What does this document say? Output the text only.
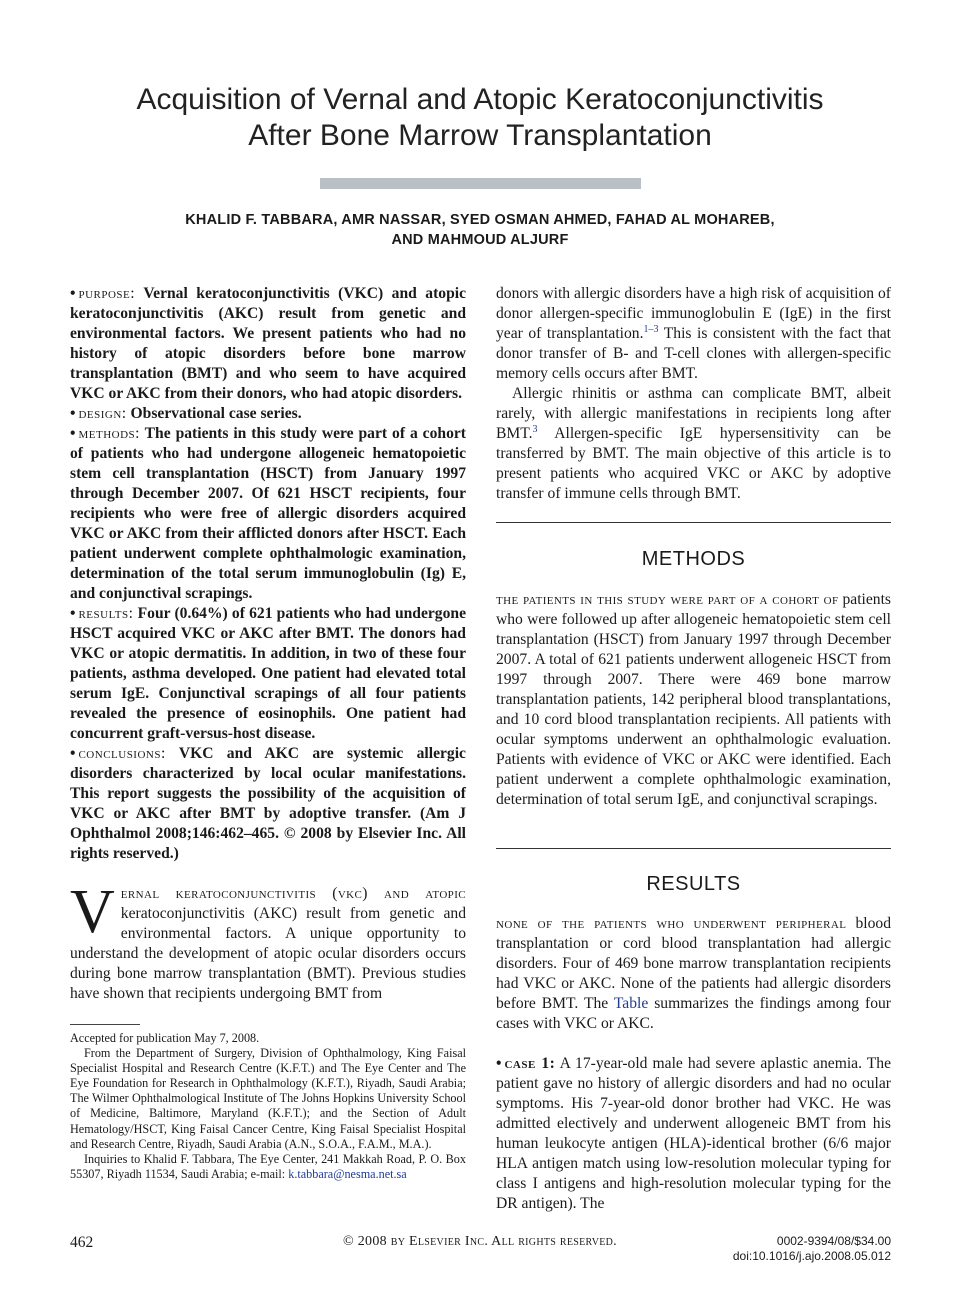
Acquisition of Vernal and Atopic Keratoconjunctivitis
After Bone Marrow Transplantation
KHALID F. TABBARA, AMR NASSAR, SYED OSMAN AHMED, FAHAD AL MOHAREB,
AND MAHMOUD ALJURF

• purpose: Vernal keratoconjunctivitis (VKC) and atopic keratoconjunctivitis (AKC) result from genetic and environmental factors. We present patients who had no history of atopic disorders before bone marrow transplantation (BMT) and who seem to have acquired VKC or AKC from their donors, who had atopic disorders.

• design: Observational case series.

• methods: The patients in this study were part of a cohort of patients who had undergone allogeneic hematopoietic stem cell transplantation (HSCT) from January 1997 through December 2007. Of 621 HSCT recipients, four recipients who were free of allergic disorders acquired VKC or AKC from their afflicted donors after HSCT. Each patient underwent complete ophthalmologic examination, determination of the total serum immunoglobulin (Ig) E, and conjunctival scrapings.

• results: Four (0.64%) of 621 patients who had undergone HSCT acquired VKC or AKC after BMT. The donors had VKC or atopic dermatitis. In addition, in two of these four patients, asthma developed. One patient had elevated total serum IgE. Conjunctival scrapings of all four patients revealed the presence of eosinophils. One patient had concurrent graft-versus-host disease.

• conclusions: VKC and AKC are systemic allergic disorders characterized by local ocular manifestations. This report suggests the possibility of the acquisition of VKC or AKC after BMT by adoptive transfer. (Am J Ophthalmol 2008;146:462–465. © 2008 by Elsevier Inc. All rights reserved.)

Vernal keratoconjunctivitis (vkc) and atopic keratoconjunctivitis (AKC) result from genetic and environmental factors. A unique opportunity to understand the development of atopic ocular disorders occurs during bone marrow transplantation (BMT). Previous studies have shown that recipients undergoing BMT from

Accepted for publication May 7, 2008.

From the Department of Surgery, Division of Ophthalmology, King Faisal Specialist Hospital and Research Centre (K.F.T.) and The Eye Center and The Eye Foundation for Research in Ophthalmology (K.F.T.), Riyadh, Saudi Arabia; The Wilmer Ophthalmological Institute of The Johns Hopkins University School of Medicine, Baltimore, Maryland (K.F.T.); and the Section of Adult Hematology/HSCT, King Faisal Cancer Centre, King Faisal Specialist Hospital and Research Centre, Riyadh, Saudi Arabia (A.N., S.O.A., F.A.M., M.A.).

Inquiries to Khalid F. Tabbara, The Eye Center, 241 Makkah Road, P. O. Box 55307, Riyadh 11534, Saudi Arabia; e-mail: k.tabbara@nesma.net.sa

donors with allergic disorders have a high risk of acquisition of donor allergen-specific immunoglobulin E (IgE) in the first year of transplantation.$^{1-3}$ This is consistent with the fact that donor transfer of B- and T-cell clones with allergen-specific memory cells occurs after BMT.

Allergic rhinitis or asthma can complicate BMT, albeit rarely, with allergic manifestations in recipients long after BMT.$^3$ Allergen-specific IgE hypersensitivity can be transferred by BMT. The main objective of this article is to present patients who acquired VKC or AKC by adoptive transfer of immune cells through BMT.

METHODS

the patients in this study were part of a cohort of patients who were followed up after allogeneic hematopoietic stem cell transplantation (HSCT) from January 1997 through December 2007. A total of 621 patients underwent allogeneic HSCT from 1997 through 2007. There were 469 bone marrow transplantation patients, 142 peripheral blood transplantations, and 10 cord blood transplantation recipients. All patients with ocular symptoms underwent an ophthalmologic evaluation. Patients with evidence of VKC or AKC were identified. Each patient underwent a complete ophthalmologic examination, determination of total serum IgE, and conjunctival scrapings.

RESULTS

none of the patients who underwent peripheral blood transplantation or cord blood transplantation had allergic disorders. Four of 469 bone marrow transplantation recipients had VKC or AKC. None of the patients had allergic disorders before BMT. The Table summarizes the findings among four cases with VKC or AKC.

• case 1: A 17-year-old male had severe aplastic anemia. The patient gave no history of allergic disorders and had no ocular symptoms. His 7-year-old donor brother had VKC. He was admitted electively and underwent allogeneic BMT from his human leukocyte antigen (HLA)-identical brother (6/6 major HLA antigen match using low-resolution molecular typing for class I antigens and high-resolution molecular typing for the DR antigen). The

462	© 2008 by Elsevier Inc. All rights reserved.	0002-9394/08/$34.00
doi:10.1016/j.ajo.2008.05.012
